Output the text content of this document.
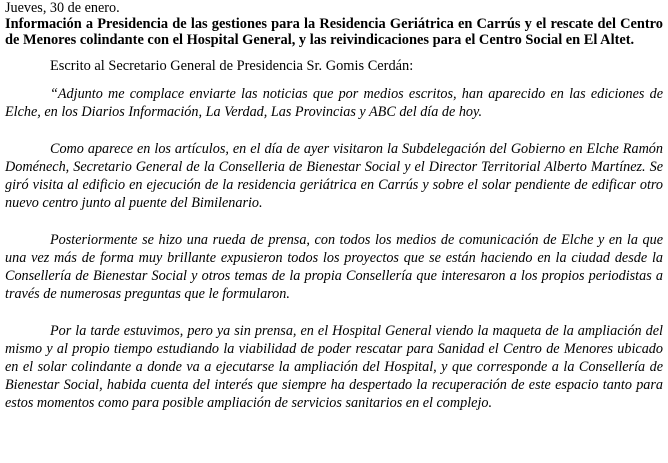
Jueves, 30 de enero.

Información a Presidencia de las gestiones para la Residencia Geriátrica en Carrús y el rescate del Centro de Menores colindante con el Hospital General, y las reivindicaciones para el Centro Social en El Altet.

Escrito al Secretario General de Presidencia Sr. Gomis Cerdán:

“Adjunto me complace enviarte las noticias que por medios escritos, han aparecido en las ediciones de Elche, en los Diarios Información, La Verdad, Las Provincias y ABC del día de hoy.

Como aparece en los artículos, en el día de ayer visitaron la Subdelegación del Gobierno en Elche Ramón Doménech, Secretario General de la Conselleria de Bienestar Social y el Director Territorial Alberto Martínez. Se giró visita al edificio en ejecución de la residencia geriátrica en Carrús y sobre el solar pendiente de edificar otro nuevo centro junto al puente del Bimilenario.

Posteriormente se hizo una rueda de prensa, con todos los medios de comunicación de Elche y en la que una vez más de forma muy brillante expusieron todos los proyectos que se están haciendo en la ciudad desde la Consellería de Bienestar Social y otros temas de la propia Consellería que interesaron a los propios periodistas a través de numerosas preguntas que le formularon.

Por la tarde estuvimos, pero ya sin prensa, en el Hospital General viendo la maqueta de la ampliación del mismo y al propio tiempo estudiando la viabilidad de poder rescatar para Sanidad el Centro de Menores ubicado en el solar colindante a donde va a ejecutarse la ampliación del Hospital, y que corresponde a la Consellería de Bienestar Social, habida cuenta del interés que siempre ha despertado la recuperación de este espacio tanto para estos momentos como para posible ampliación de servicios sanitarios en el complejo.
